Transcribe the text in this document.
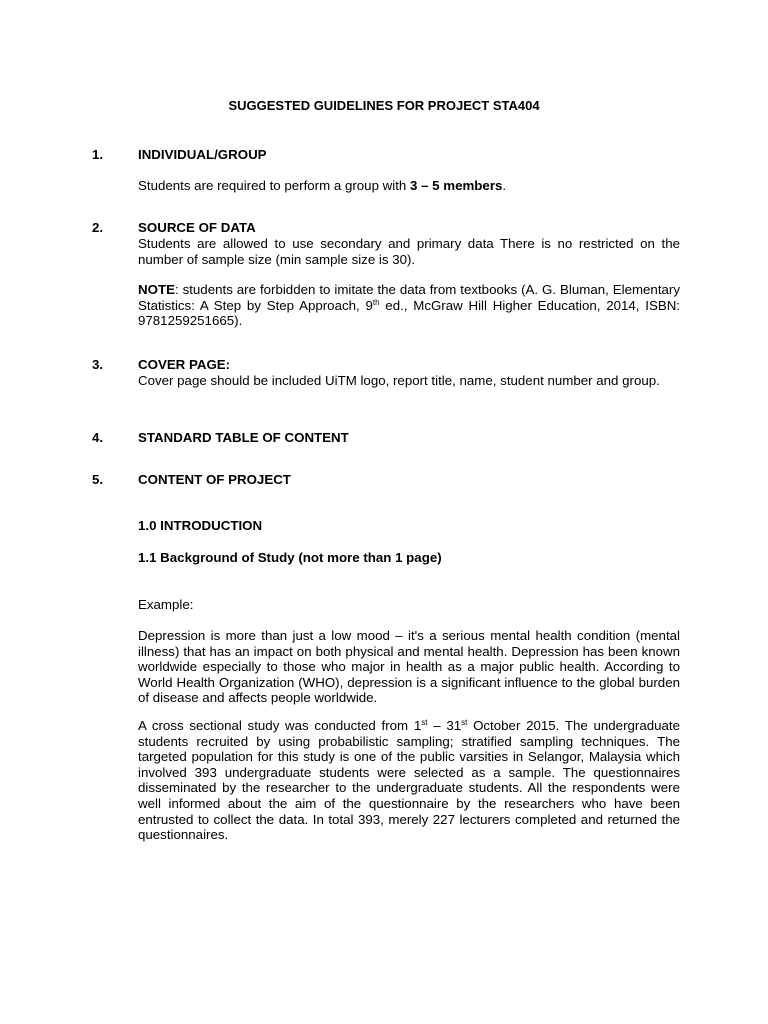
SUGGESTED GUIDELINES FOR PROJECT STA404

1.	INDIVIDUAL/GROUP

Students are required to perform a group with 3 – 5 members.

2.	SOURCE OF DATA

Students are allowed to use secondary and primary data There is no restricted on the number of sample size (min sample size is 30).

NOTE: students are forbidden to imitate the data from textbooks (A. G. Bluman, Elementary Statistics: A Step by Step Approach, 9th ed., McGraw Hill Higher Education, 2014, ISBN: 9781259251665).

3.	COVER PAGE:

Cover page should be included UiTM logo, report title, name, student number and group.

4.	STANDARD TABLE OF CONTENT

5.	CONTENT OF PROJECT

1.0 INTRODUCTION

1.1 Background of Study (not more than 1 page)

Example:

Depression is more than just a low mood – it's a serious mental health condition (mental illness) that has an impact on both physical and mental health. Depression has been known worldwide especially to those who major in health as a major public health. According to World Health Organization (WHO), depression is a significant influence to the global burden of disease and affects people worldwide.

A cross sectional study was conducted from 1st – 31st October 2015. The undergraduate students recruited by using probabilistic sampling; stratified sampling techniques. The targeted population for this study is one of the public varsities in Selangor, Malaysia which involved 393 undergraduate students were selected as a sample. The questionnaires disseminated by the researcher to the undergraduate students. All the respondents were well informed about the aim of the questionnaire by the researchers who have been entrusted to collect the data. In total 393, merely 227 lecturers completed and returned the questionnaires.
